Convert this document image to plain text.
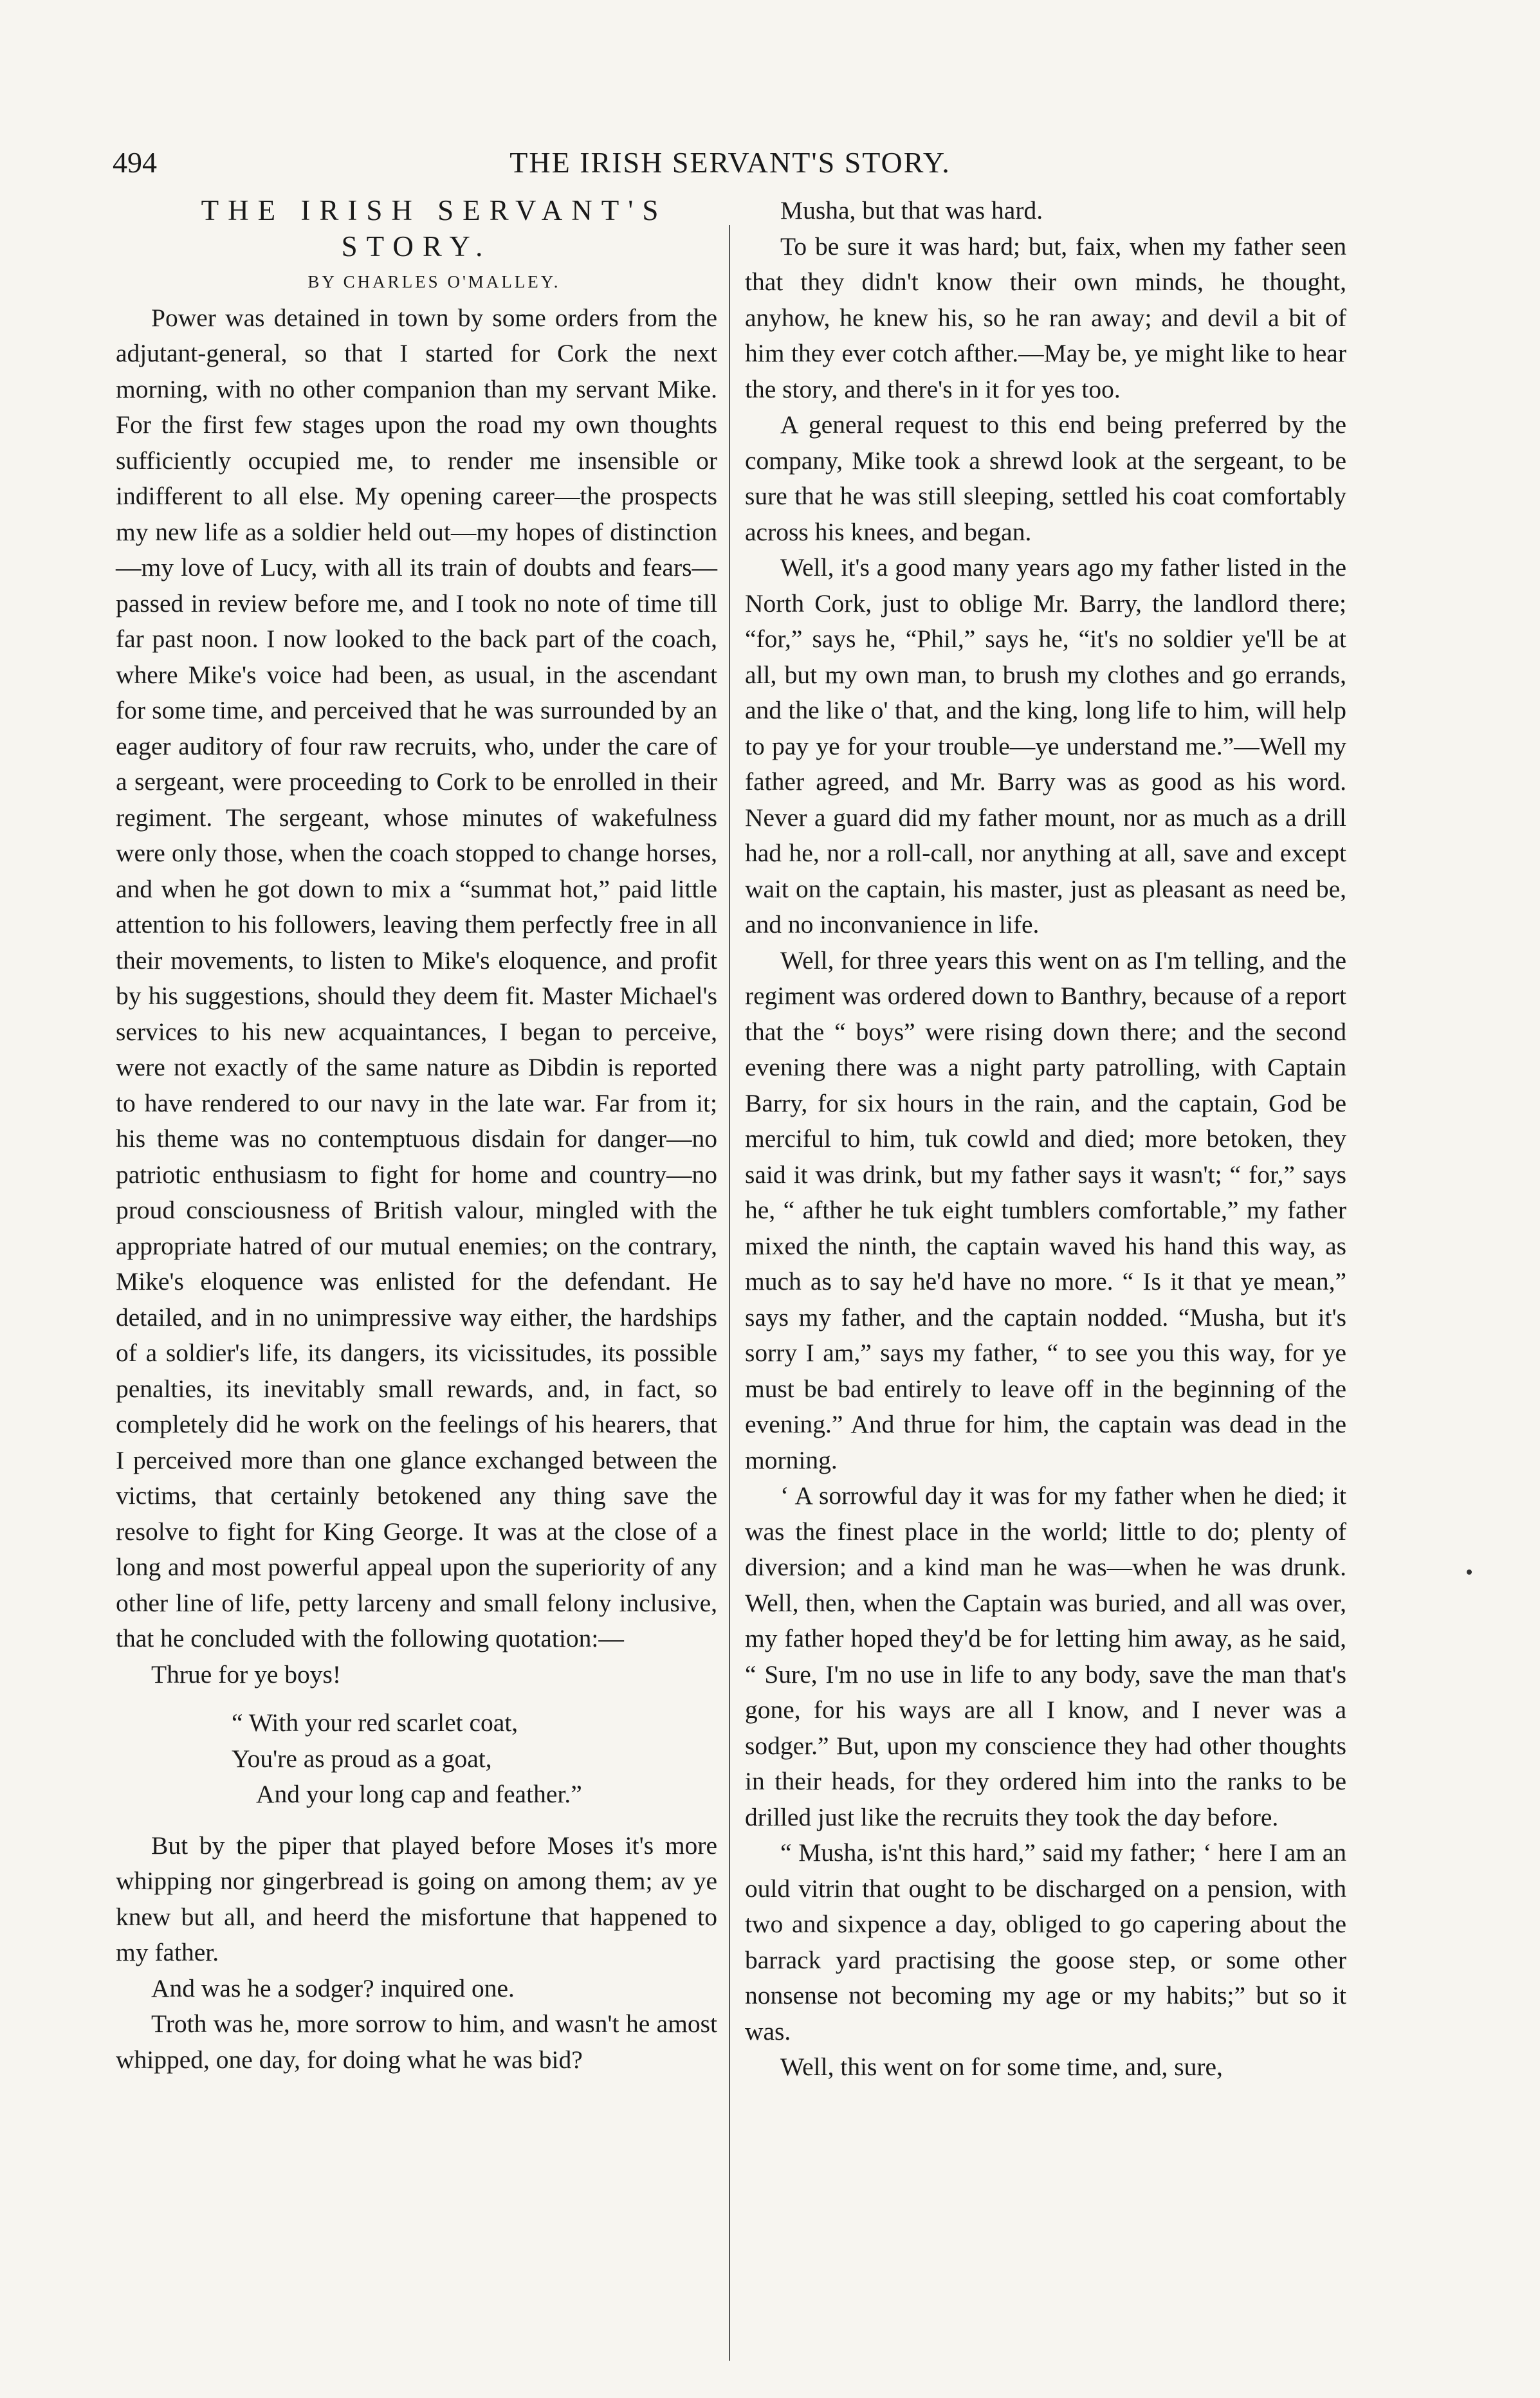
494	THE IRISH SERVANT'S STORY.

THE IRISH SERVANT'S STORY.

BY CHARLES O'MALLEY.

Power was detained in town by some orders from the adjutant-general, so that I started for Cork the next morning, with no other companion than my servant Mike. For the first few stages upon the road my own thoughts sufficiently occupied me, to render me insensible or indifferent to all else. My opening career—the prospects my new life as a soldier held out—my hopes of distinction—my love of Lucy, with all its train of doubts and fears—passed in review before me, and I took no note of time till far past noon. I now looked to the back part of the coach, where Mike's voice had been, as usual, in the ascendant for some time, and perceived that he was surrounded by an eager auditory of four raw recruits, who, under the care of a sergeant, were proceeding to Cork to be enrolled in their regiment. The sergeant, whose minutes of wakefulness were only those, when the coach stopped to change horses, and when he got down to mix a “summat hot,” paid little attention to his followers, leaving them perfectly free in all their movements, to listen to Mike's eloquence, and profit by his suggestions, should they deem fit. Master Michael's services to his new acquaintances, I began to perceive, were not exactly of the same nature as Dibdin is reported to have rendered to our navy in the late war. Far from it; his theme was no contemptuous disdain for danger—no patriotic enthusiasm to fight for home and country—no proud consciousness of British valour, mingled with the appropriate hatred of our mutual enemies; on the contrary, Mike's eloquence was enlisted for the defendant. He detailed, and in no unimpressive way either, the hardships of a soldier's life, its dangers, its vicissitudes, its possible penalties, its inevitably small rewards, and, in fact, so completely did he work on the feelings of his hearers, that I perceived more than one glance exchanged between the victims, that certainly betokened any thing save the resolve to fight for King George. It was at the close of a long and most powerful appeal upon the superiority of any other line of life, petty larceny and small felony inclusive, that he concluded with the following quotation:—

Thrue for ye boys!

“ With your red scarlet coat,

You're as proud as a goat,

And your long cap and feather.”

But by the piper that played before Moses it's more whipping nor gingerbread is going on among them; av ye knew but all, and heerd the misfortune that happened to my father.

And was he a sodger? inquired one.

Troth was he, more sorrow to him, and wasn't he amost whipped, one day, for doing what he was bid?

Musha, but that was hard.

To be sure it was hard; but, faix, when my father seen that they didn't know their own minds, he thought, anyhow, he knew his, so he ran away; and devil a bit of him they ever cotch afther.—May be, ye might like to hear the story, and there's in it for yes too.

A general request to this end being preferred by the company, Mike took a shrewd look at the sergeant, to be sure that he was still sleeping, settled his coat comfortably across his knees, and began.

Well, it's a good many years ago my father listed in the North Cork, just to oblige Mr. Barry, the landlord there; “for,” says he, “Phil,” says he, “it's no soldier ye'll be at all, but my own man, to brush my clothes and go errands, and the like o' that, and the king, long life to him, will help to pay ye for your trouble—ye understand me.”—Well my father agreed, and Mr. Barry was as good as his word. Never a guard did my father mount, nor as much as a drill had he, nor a roll-call, nor anything at all, save and except wait on the captain, his master, just as pleasant as need be, and no inconvanience in life.

Well, for three years this went on as I'm telling, and the regiment was ordered down to Banthry, because of a report that the “ boys” were rising down there; and the second evening there was a night party patrolling, with Captain Barry, for six hours in the rain, and the captain, God be merciful to him, tuk cowld and died; more betoken, they said it was drink, but my father says it wasn't; “ for,” says he, “ afther he tuk eight tumblers comfortable,” my father mixed the ninth, the captain waved his hand this way, as much as to say he'd have no more. “ Is it that ye mean,” says my father, and the captain nodded. “Musha, but it's sorry I am,” says my father, “ to see you this way, for ye must be bad entirely to leave off in the beginning of the evening.” And thrue for him, the captain was dead in the morning.

‘ A sorrowful day it was for my father when he died; it was the finest place in the world; little to do; plenty of diversion; and a kind man he was—when he was drunk. Well, then, when the Captain was buried, and all was over, my father hoped they'd be for letting him away, as he said, “ Sure, I'm no use in life to any body, save the man that's gone, for his ways are all I know, and I never was a sodger.” But, upon my conscience they had other thoughts in their heads, for they ordered him into the ranks to be drilled just like the recruits they took the day before.

“ Musha, is'nt this hard,” said my father; ‘ here I am an ould vitrin that ought to be discharged on a pension, with two and sixpence a day, obliged to go capering about the barrack yard practising the goose step, or some other nonsense not becoming my age or my habits;” but so it was.

Well, this went on for some time, and, sure,
